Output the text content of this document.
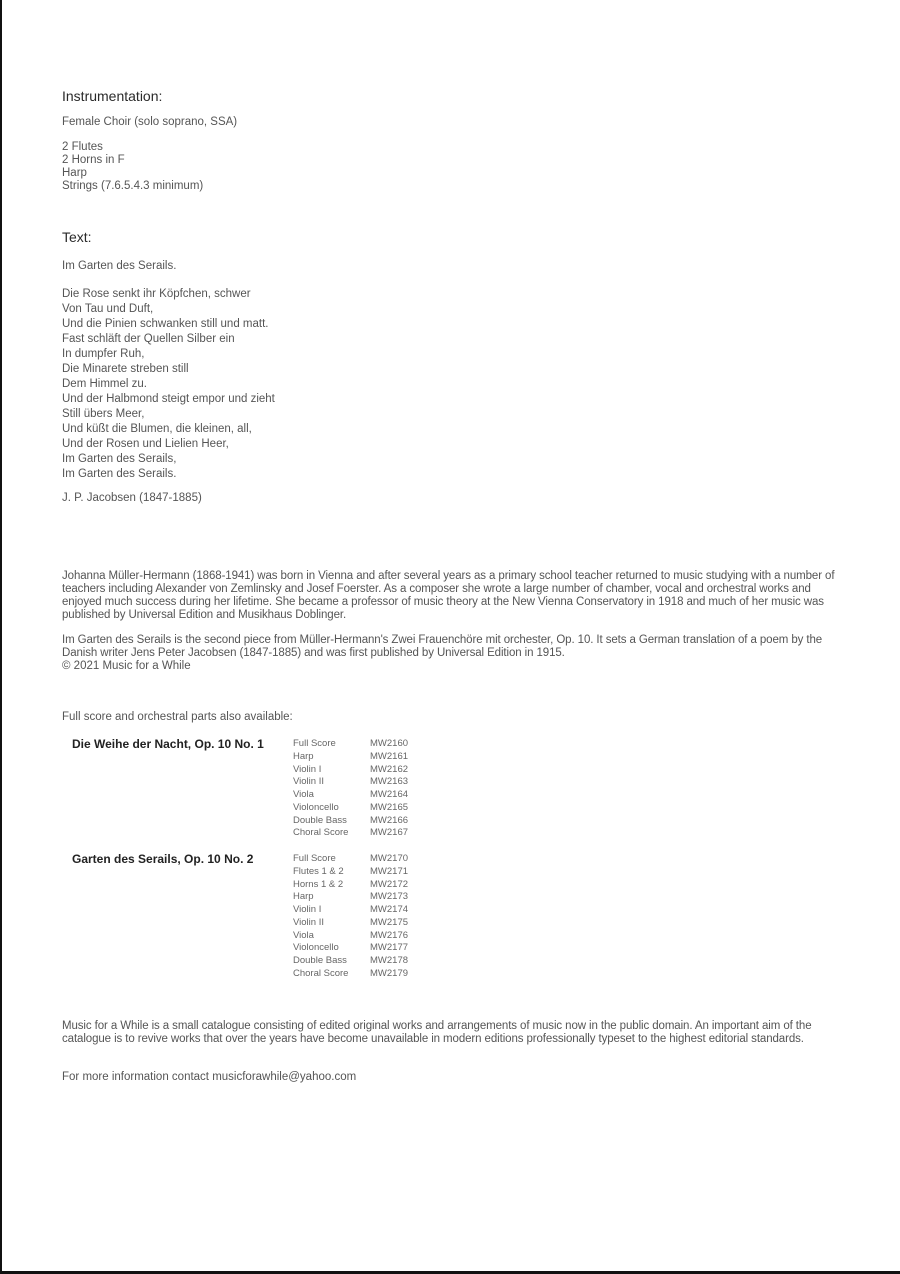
Instrumentation:
Female Choir (solo soprano, SSA)
2 Flutes
2 Horns in F
Harp
Strings (7.6.5.4.3 minimum)
Text:
Im Garten des Serails.
Die Rose senkt ihr Köpfchen, schwer
Von Tau und Duft,
Und die Pinien schwanken still und matt.
Fast schläft der Quellen Silber ein
In dumpfer Ruh,
Die Minarete streben still
Dem Himmel zu.
Und der Halbmond steigt empor und zieht
Still übers Meer,
Und küßt die Blumen, die kleinen, all,
Und der Rosen und Lielien Heer,
Im Garten des Serails,
Im Garten des Serails.
J. P. Jacobsen (1847-1885)
Johanna Müller-Hermann (1868-1941) was born in Vienna and after several years as a primary school teacher returned to music studying with a number of teachers including Alexander von Zemlinsky and Josef Foerster. As a composer she wrote a large number of chamber, vocal and orchestral works and enjoyed much success during her lifetime. She became a professor of music theory at the New Vienna Conservatory in 1918 and much of her music was published by Universal Edition and Musikhaus Doblinger.
Im Garten des Serails is the second piece from Müller-Hermann's Zwei Frauenchöre mit orchester, Op. 10. It sets a German translation of a poem by the Danish writer Jens Peter Jacobsen (1847-1885) and was first published by Universal Edition in 1915.
© 2021 Music for a While
Full score and orchestral parts also available:
Die Weihe der Nacht, Op. 10 No. 1	Full Score
Harp
Violin I
Violin II
Viola
Violoncello
Double Bass
Choral Score
MW2160
MW2161
MW2162
MW2163
MW2164
MW2165
MW2166
MW2167
Garten des Serails, Op. 10 No. 2	Full Score
Flutes 1 & 2
Horns 1 & 2
Harp
Violin I
Violin II
Viola
Violoncello
Double Bass
Choral Score
MW2170
MW2171
MW2172
MW2173
MW2174
MW2175
MW2176
MW2177
MW2178
MW2179
Music for a While is a small catalogue consisting of edited original works and arrangements of music now in the public domain. An important aim of the catalogue is to revive works that over the years have become unavailable in modern editions professionally typeset to the highest editorial standards.
For more information contact musicforawhile@yahoo.com
